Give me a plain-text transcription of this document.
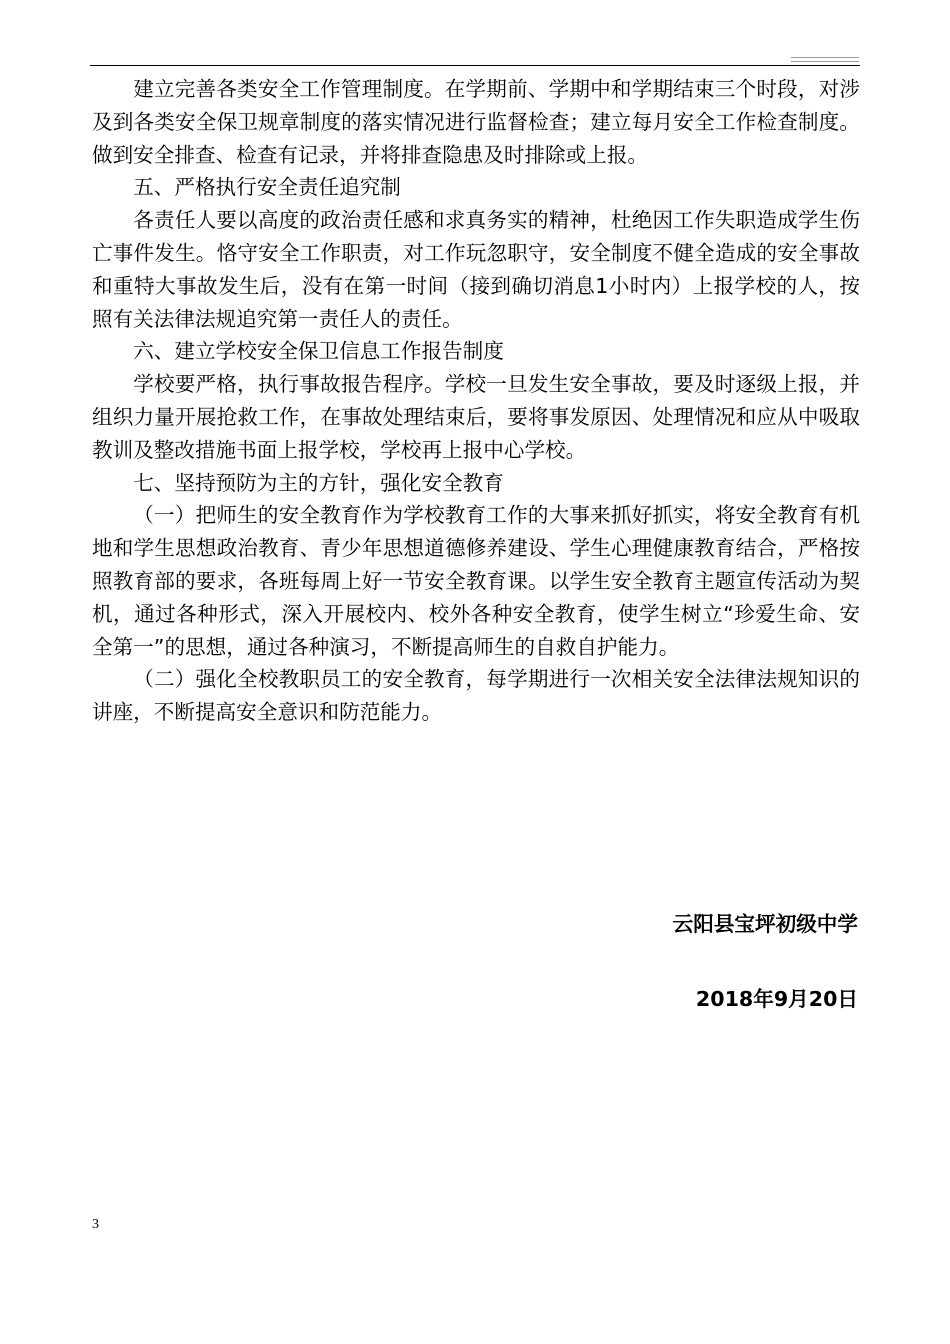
建立完善各类安全工作管理制度。在学期前、学期中和学期结束三个时段，对涉及到各类安全保卫规章制度的落实情况进行监督检查；建立每月安全工作检查制度。做到安全排查、检查有记录，并将排查隐患及时排除或上报。

五、严格执行安全责任追究制

各责任人要以高度的政治责任感和求真务实的精神，杜绝因工作失职造成学生伤亡事件发生。恪守安全工作职责，对工作玩忽职守，安全制度不健全造成的安全事故和重特大事故发生后，没有在第一时间（接到确切消息1小时内）上报学校的人，按照有关法律法规追究第一责任人的责任。

六、建立学校安全保卫信息工作报告制度

学校要严格，执行事故报告程序。学校一旦发生安全事故，要及时逐级上报，并组织力量开展抢救工作，在事故处理结束后，要将事发原因、处理情况和应从中吸取教训及整改措施书面上报学校，学校再上报中心学校。

七、坚持预防为主的方针，强化安全教育

（一）把师生的安全教育作为学校教育工作的大事来抓好抓实，将安全教育有机地和学生思想政治教育、青少年思想道德修养建设、学生心理健康教育结合，严格按照教育部的要求，各班每周上好一节安全教育课。以学生安全教育主题宣传活动为契机，通过各种形式，深入开展校内、校外各种安全教育，使学生树立“珍爱生命、安全第一”的思想，通过各种演习，不断提高师生的自救自护能力。

（二）强化全校教职员工的安全教育，每学期进行一次相关安全法律法规知识的讲座，不断提高安全意识和防范能力。

云阳县宝坪初级中学
2018年9月20日
3
